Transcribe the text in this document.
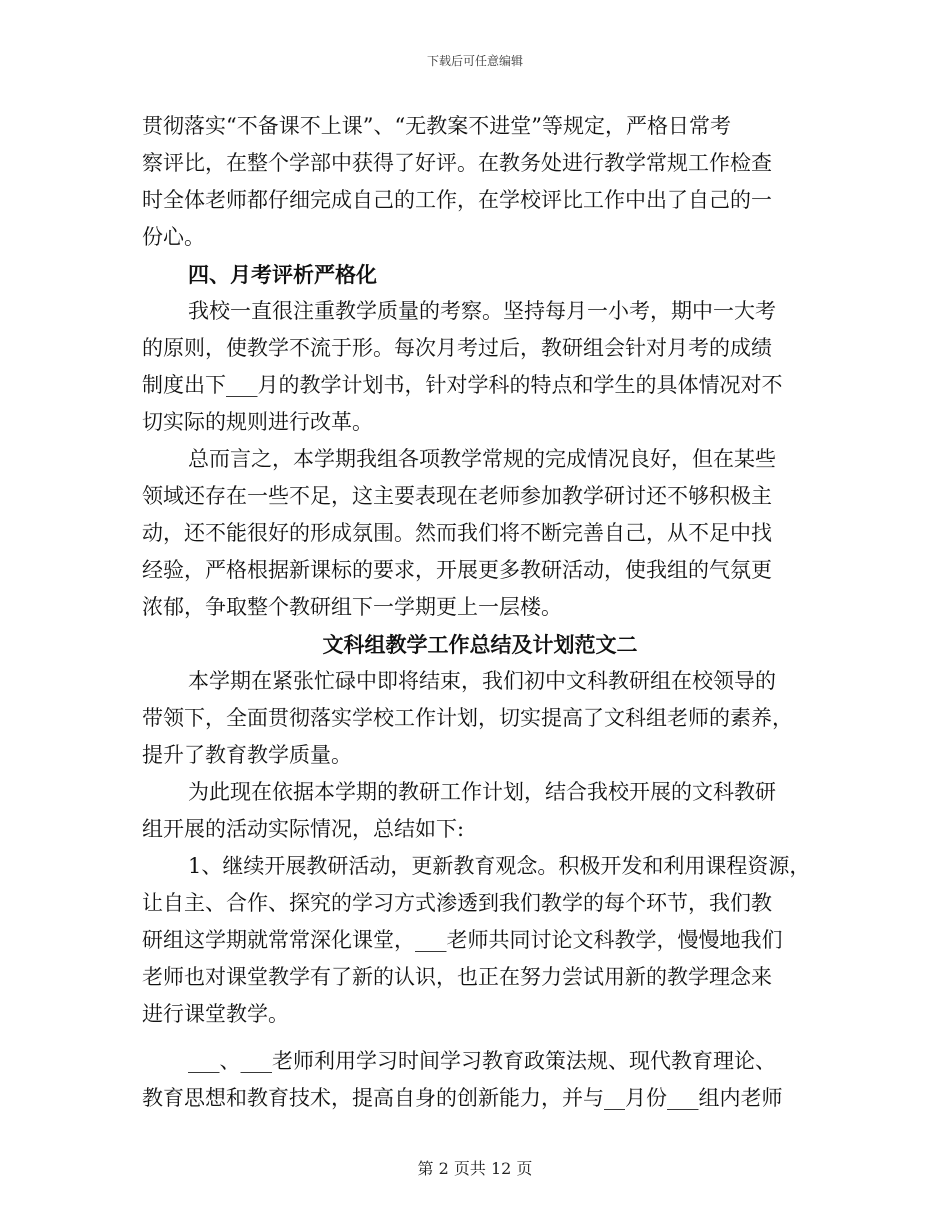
下载后可任意编辑
贯彻落实“不备课不上课”、“无教案不进堂”等规定，严格日常考
察评比，在整个学部中获得了好评。在教务处进行教学常规工作检查
时全体老师都仔细完成自己的工作，在学校评比工作中出了自己的一
份心。
四、月考评析严格化
我校一直很注重教学质量的考察。坚持每月一小考，期中一大考
的原则，使教学不流于形。每次月考过后，教研组会针对月考的成绩
制度出下___月的教学计划书，针对学科的特点和学生的具体情况对不
切实际的规则进行改革。
总而言之，本学期我组各项教学常规的完成情况良好，但在某些
领域还存在一些不足，这主要表现在老师参加教学研讨还不够积极主
动，还不能很好的形成氛围。然而我们将不断完善自己，从不足中找
经验，严格根据新课标的要求，开展更多教研活动，使我组的气氛更
浓郁，争取整个教研组下一学期更上一层楼。
文科组教学工作总结及计划范文二
本学期在紧张忙碌中即将结束，我们初中文科教研组在校领导的
带领下，全面贯彻落实学校工作计划，切实提高了文科组老师的素养，
提升了教育教学质量。
为此现在依据本学期的教研工作计划，结合我校开展的文科教研
组开展的活动实际情况，总结如下:
1、继续开展教研活动，更新教育观念。积极开发和利用课程资源，
让自主、合作、探究的学习方式渗透到我们教学的每个环节，我们教
研组这学期就常常深化课堂，___老师共同讨论文科教学，慢慢地我们
老师也对课堂教学有了新的认识，也正在努力尝试用新的教学理念来
进行课堂教学。
___、___老师利用学习时间学习教育政策法规、现代教育理论、
教育思想和教育技术，提高自身的创新能力，并与__月份___组内老师
第 2 页共 12 页
